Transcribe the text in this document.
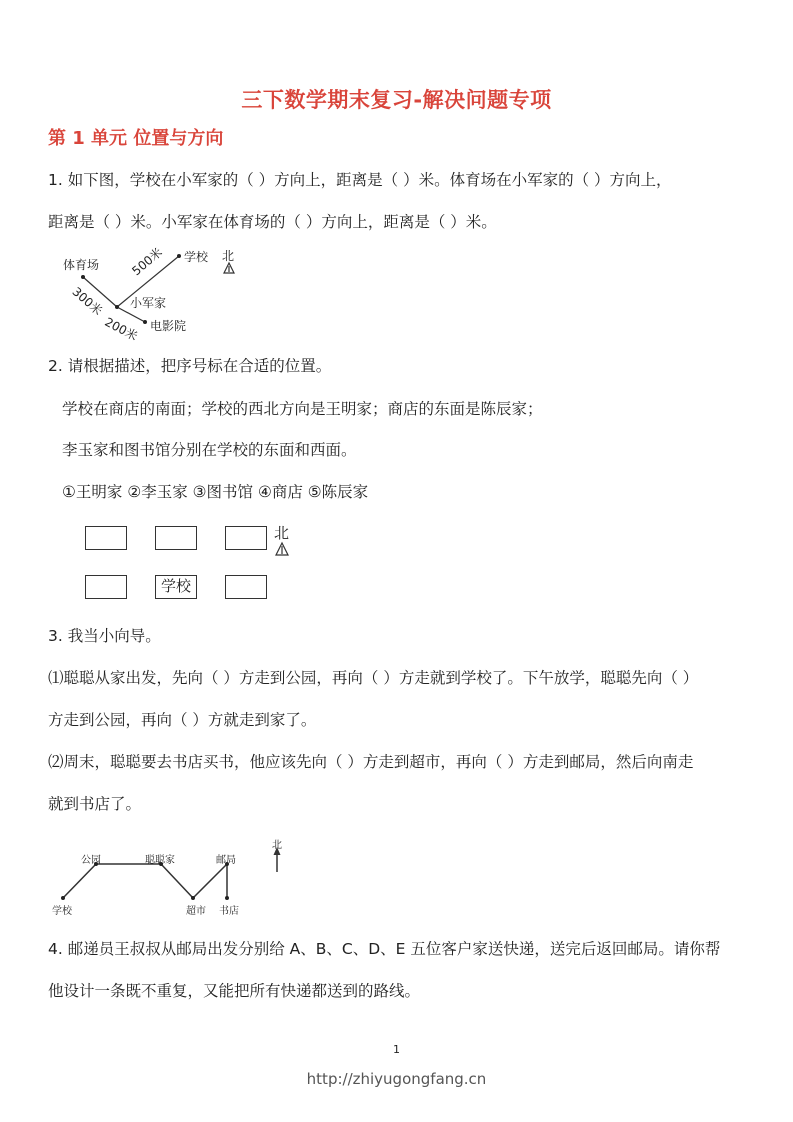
三下数学期末复习-解决问题专项
第 1 单元 位置与方向
1. 如下图，学校在小军家的（ ）方向上，距离是（ ）米。体育场在小军家的（ ）方向上，
距离是（ ）米。小军家在体育场的（ ）方向上，距离是（ ）米。
体育场
学校 北
小军家
电影院
500米
300米
200米
2. 请根据描述，把序号标在合适的位置。
学校在商店的南面；学校的西北方向是王明家；商店的东面是陈辰家；
李玉家和图书馆分别在学校的东面和西面。
①王明家 ②李玉家 ③图书馆 ④商店 ⑤陈辰家
学校
北
3. 我当小向导。
⑴聪聪从家出发，先向（ ）方走到公园，再向（ ）方走就到学校了。下午放学，聪聪先向（ ）
方走到公园，再向（ ）方就走到家了。
⑵周末，聪聪要去书店买书，他应该先向（ ）方走到超市，再向（ ）方走到邮局，然后向南走
就到书店了。
公园	聪聪家	邮局
学校	超市 书店
北
4. 邮递员王叔叔从邮局出发分别给 A、B、C、D、E 五位客户家送快递，送完后返回邮局。请你帮
他设计一条既不重复，又能把所有快递都送到的路线。
1
http://zhiyugongfang.cn
